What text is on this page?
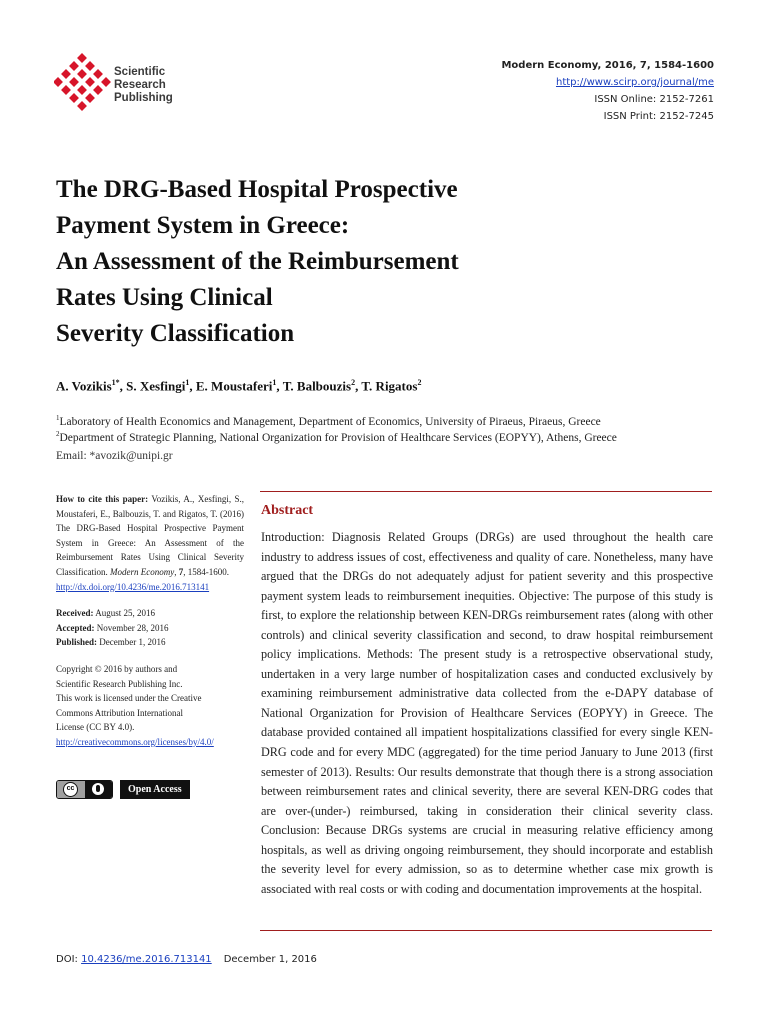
Scientific
Research
Publishing
Modern Economy, 2016, 7, 1584-1600
http://www.scirp.org/journal/me
ISSN Online: 2152-7261
ISSN Print: 2152-7245
The DRG-Based Hospital Prospective
Payment System in Greece:
An Assessment of the Reimbursement
Rates Using Clinical
Severity Classification
A. Vozikis$^{1*}$, S. Xesfingi$^1$, E. Moustaferi$^1$, T. Balbouzis$^2$, T. Rigatos$^2$
$^1$Laboratory of Health Economics and Management, Department of Economics, University of Piraeus, Piraeus, Greece
$^2$Department of Strategic Planning, National Organization for Provision of Healthcare Services (EOPYY), Athens, Greece
Email: *avozik@unipi.gr
How to cite this paper: Vozikis, A., Xesfingi, S., Moustaferi, E., Balbouzis, T. and Rigatos, T. (2016) The DRG-Based Hospital Prospective Payment System in Greece: An Assessment of the Reimbursement Rates Using Clinical Severity Classification. Modern Economy, 7, 1584-1600.
http://dx.doi.org/10.4236/me.2016.713141
Received: August 25, 2016
Accepted: November 28, 2016
Published: December 1, 2016
Copyright © 2016 by authors and
Scientific Research Publishing Inc.
This work is licensed under the Creative
Commons Attribution International
License (CC BY 4.0).
http://creativecommons.org/licenses/by/4.0/
cc	Open Access
Abstract
Introduction: Diagnosis Related Groups (DRGs) are used throughout the health care industry to address issues of cost, effectiveness and quality of care. Nonetheless, many have argued that the DRGs do not adequately adjust for patient severity and this prospective payment system leads to reimbursement inequities. Objective: The purpose of this study is first, to explore the relationship between KEN-DRGs reimbursement rates (along with other controls) and clinical severity classification and second, to draw hospital reimbursement policy implications. Methods: The present study is a retrospective observational study, undertaken in a very large number of hospitalization cases and conducted exclusively by examining reimbursement administrative data collected from the e-DAPY database of National Organization for Provision of Healthcare Services (EOPYY) in Greece. The database provided contained all impatient hospitalizations classified for every single KEN-DRG code and for every MDC (aggregated) for the time period January to June 2013 (first semester of 2013). Results: Our results demonstrate that though there is a strong association between reimbursement rates and clinical severity, there are several KEN-DRG codes that are over-(under-) reimbursed, taking in consideration their clinical severity class. Conclusion: Because DRGs systems are crucial in measuring relative efficiency among hospitals, as well as driving ongoing reimbursement, they should incorporate and establish the severity level for every admission, so as to determine whether case mix growth is associated with real costs or with coding and documentation improvements at the hospital.
DOI: 10.4236/me.2016.713141 December 1, 2016
